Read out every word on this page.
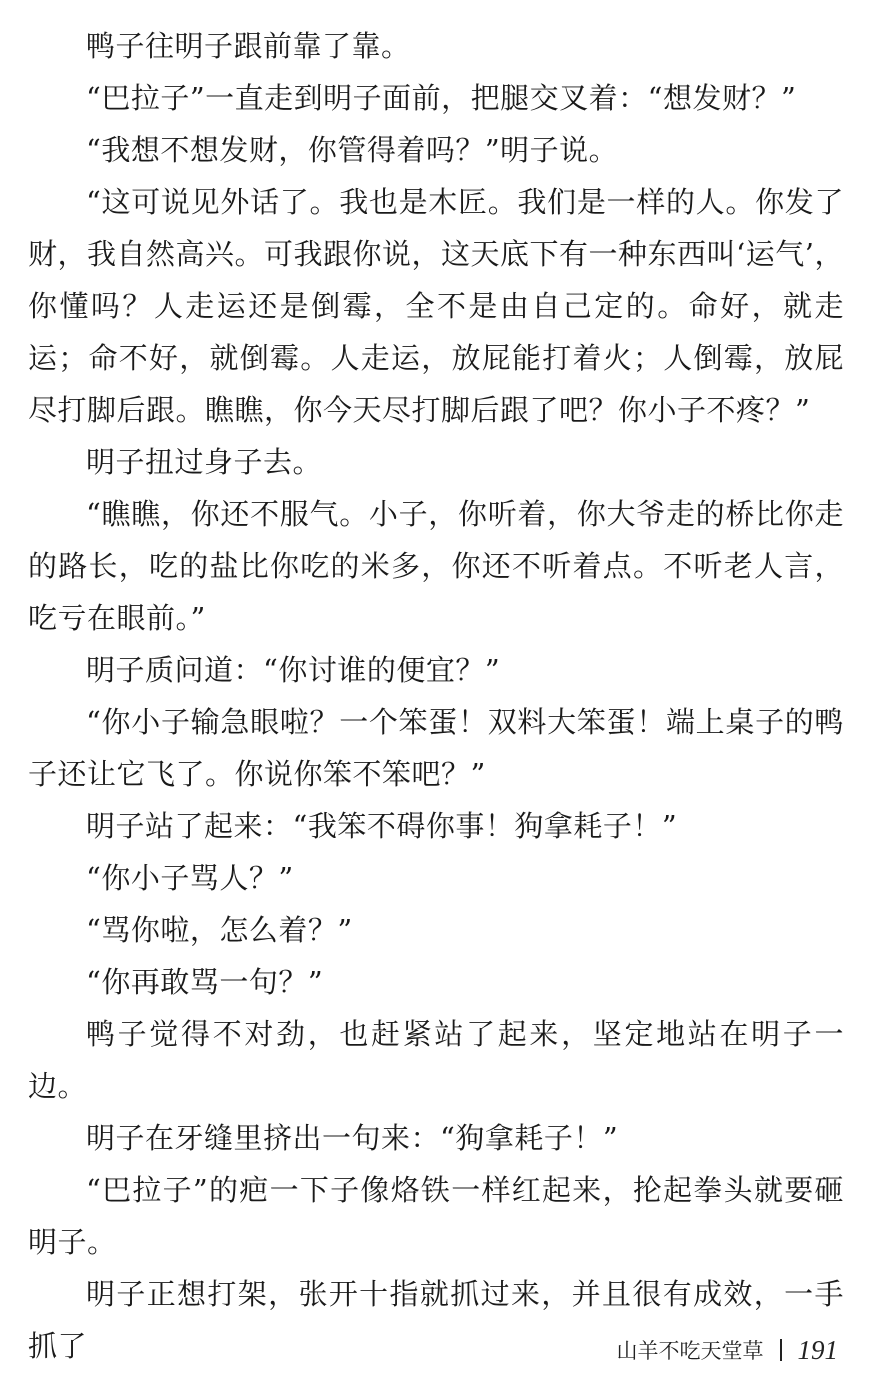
鸭子往明子跟前靠了靠。

“巴拉子”一直走到明子面前，把腿交叉着：“想发财？”

“我想不想发财，你管得着吗？”明子说。

“这可说见外话了。我也是木匠。我们是一样的人。你发了财，我自然高兴。可我跟你说，这天底下有一种东西叫‘运气’，你懂吗？人走运还是倒霉，全不是由自己定的。命好，就走运；命不好，就倒霉。人走运，放屁能打着火；人倒霉，放屁尽打脚后跟。瞧瞧，你今天尽打脚后跟了吧？你小子不疼？”

明子扭过身子去。

“瞧瞧，你还不服气。小子，你听着，你大爷走的桥比你走的路长，吃的盐比你吃的米多，你还不听着点。不听老人言，吃亏在眼前。”

明子质问道：“你讨谁的便宜？”

“你小子输急眼啦？一个笨蛋！双料大笨蛋！端上桌子的鸭子还让它飞了。你说你笨不笨吧？”

明子站了起来：“我笨不碍你事！狗拿耗子！”

“你小子骂人？”

“骂你啦，怎么着？”

“你再敢骂一句？”

鸭子觉得不对劲，也赶紧站了起来，坚定地站在明子一边。

明子在牙缝里挤出一句来：“狗拿耗子！”

“巴拉子”的疤一下子像烙铁一样红起来，抡起拳头就要砸明子。

明子正想打架，张开十指就抓过来，并且很有成效，一手抓了	山羊不吃天堂草 191
